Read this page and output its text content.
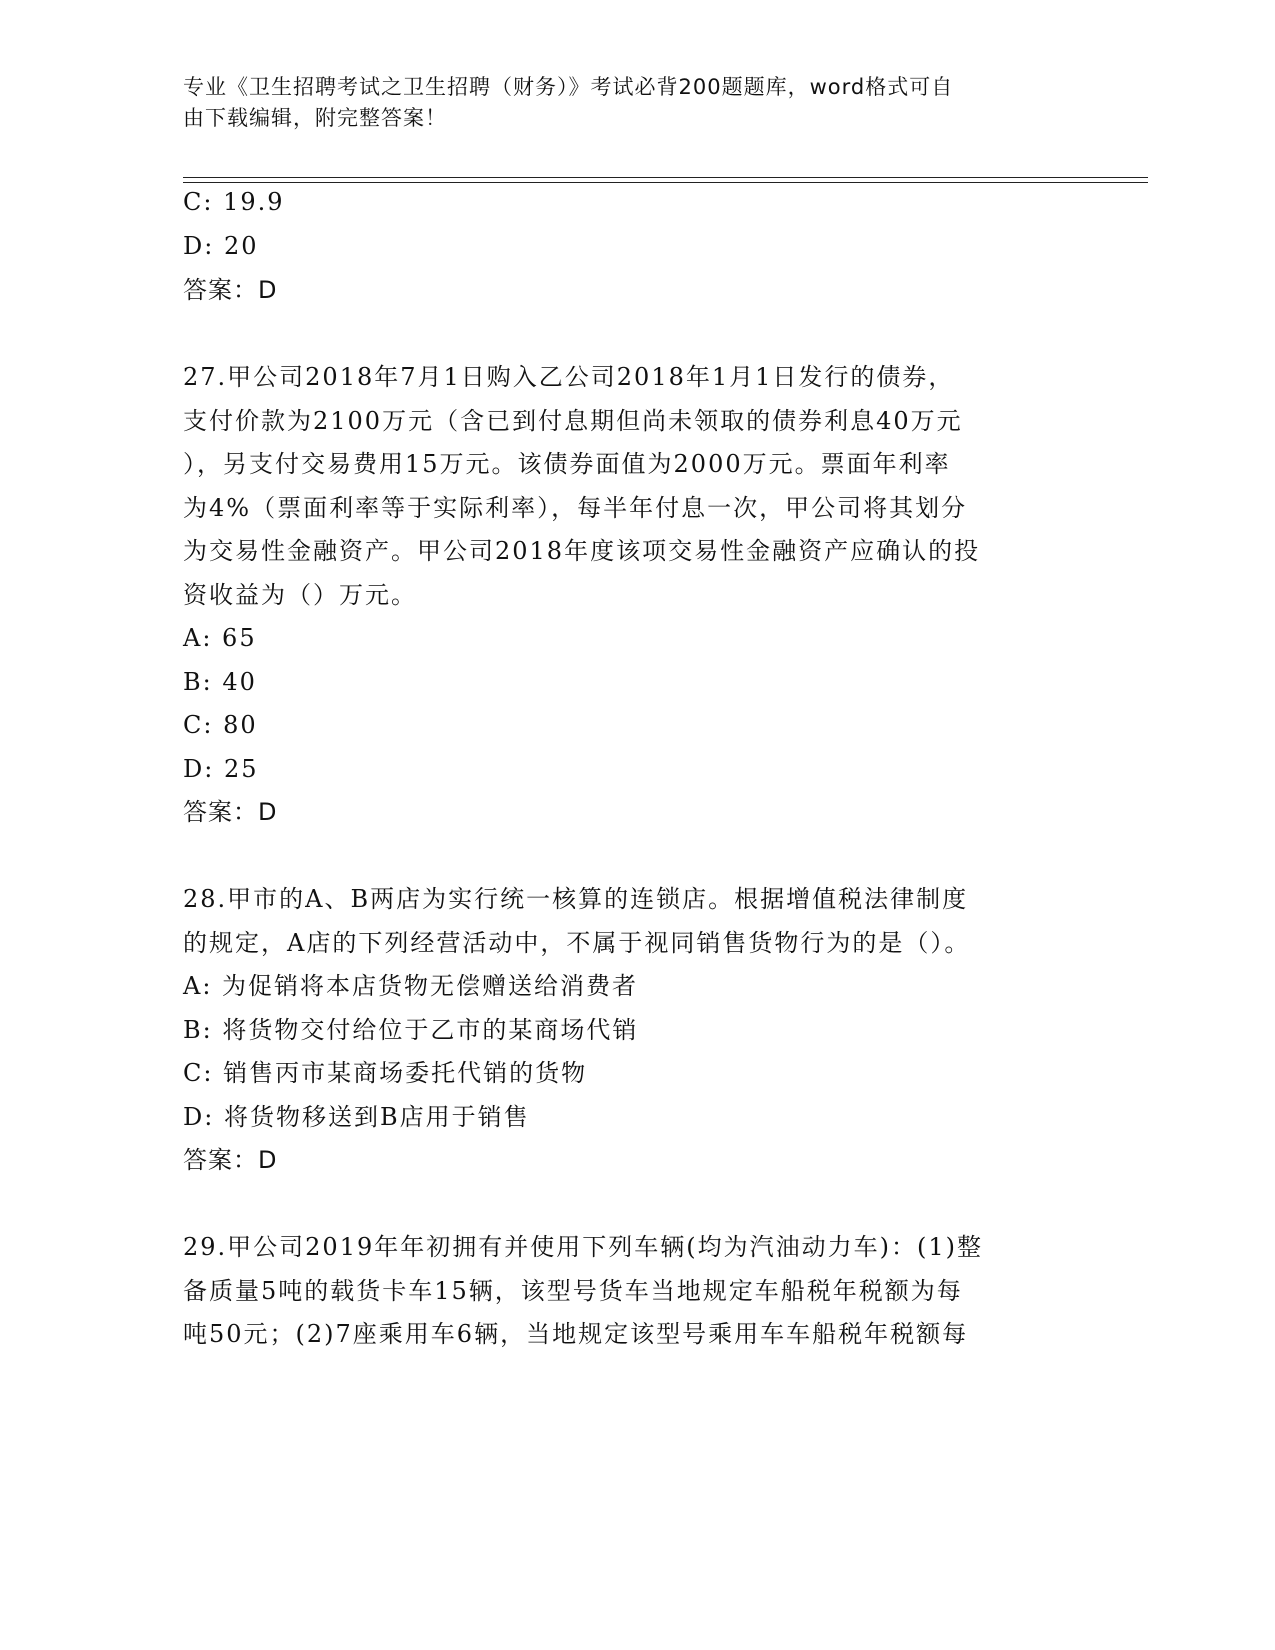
专业《卫生招聘考试之卫生招聘（财务）》考试必背200题题库，word格式可自
由下载编辑，附完整答案！
C: 19.9
D: 20
答案：D
27.甲公司2018年7月1日购入乙公司2018年1月1日发行的债券，
支付价款为2100万元（含已到付息期但尚未领取的债券利息40万元
），另支付交易费用15万元。该债券面值为2000万元。票面年利率
为4%（票面利率等于实际利率），每半年付息一次，甲公司将其划分
为交易性金融资产。甲公司2018年度该项交易性金融资产应确认的投
资收益为（）万元。
A: 65
B: 40
C: 80
D: 25
答案：D
28.甲市的A、B两店为实行统一核算的连锁店。根据增值税法律制度
的规定，A店的下列经营活动中，不属于视同销售货物行为的是（）。
A: 为促销将本店货物无偿赠送给消费者
B: 将货物交付给位于乙市的某商场代销
C: 销售丙市某商场委托代销的货物
D: 将货物移送到B店用于销售
答案：D
29.甲公司2019年年初拥有并使用下列车辆(均为汽油动力车)：(1)整
备质量5吨的载货卡车15辆，该型号货车当地规定车船税年税额为每
吨50元；(2)7座乘用车6辆，当地规定该型号乘用车车船税年税额每
